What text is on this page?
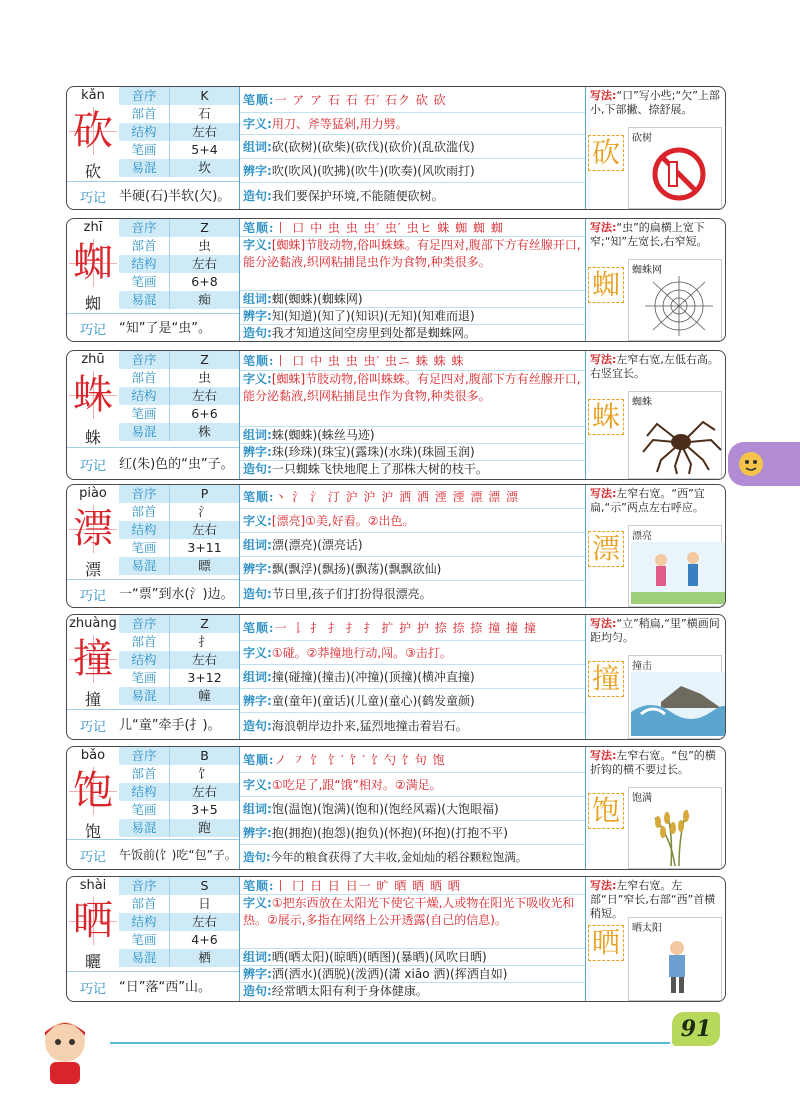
kǎn
砍
砍
音序	K
部首	石
结构	左右
笔画	5+4
易混	坎
巧记	半硬(石)半软(欠)。
笔顺:一 ア ア 石 石 石′ 石ク 砍 砍
字义:用刀、斧等猛剁,用力劈。
组词:砍(砍树)(砍柴)(砍伐)(砍价)(乱砍滥伐)
辨字:吹(吹风)(吹拂)(吹牛)(吹奏)(风吹雨打)
造句:我们要保护环境,不能随便砍树。
写法:“口”写小些;“欠”上部小,下部撇、捺舒展。
砍	砍树
zhī
蜘
蜘
音序	Z
部首	虫
结构	左右
笔画	6+8
易混	痴
巧记	“知”了是“虫”。
笔顺:丨 口 中 虫 虫 虫′ 虫′ 虫ヒ 蛛 蜘 蜘 蜘
字义:[蜘蛛]节肢动物,俗叫蛛蛛。有足四对,腹部下方有丝腺开口,能分泌黏液,织网粘捕昆虫作为食物,种类很多。
组词:蜘(蜘蛛)(蜘蛛网)
辨字:知(知道)(知了)(知识)(无知)(知难而退)
造句:我才知道这间空房里到处都是蜘蛛网。
写法:“虫”的扁横上宽下窄;“知”左宽长,右窄短。
蜘	蜘蛛网
zhū
蛛
蛛
音序	Z
部首	虫
结构	左右
笔画	6+6
易混	株
巧记	红(朱)色的“虫”子。
笔顺:丨 口 中 虫 虫 虫′ 虫ニ 蛛 蛛 蛛
字义:[蜘蛛]节肢动物,俗叫蛛蛛。有足四对,腹部下方有丝腺开口,能分泌黏液,织网粘捕昆虫作为食物,种类很多。
组词:蛛(蜘蛛)(蛛丝马迹)
辨字:珠(珍珠)(珠宝)(露珠)(水珠)(珠圆玉润)
造句:一只蜘蛛飞快地爬上了那株大树的枝干。
写法:左窄右宽,左低右高。右竖宜长。
蛛	蜘蛛
piào
漂
漂
音序	P
部首	氵
结构	左右
笔画	3+11
易混	瞟
巧记	一“票”到水(氵)边。
笔顺:丶 氵 氵 汀 沪 沪 沪 洒 洒 湮 湮 漂 漂 漂
字义:[漂亮]①美,好看。②出色。
组词:漂(漂亮)(漂亮话)
辨字:飘(飘浮)(飘扬)(飘荡)(飘飘欲仙)
造句:节日里,孩子们打扮得很漂亮。
写法:左窄右宽。“西”宜扁,“示”两点左右呼应。
漂	漂亮
zhuàng
撞
撞
音序	Z
部首	扌
结构	左右
笔画	3+12
易混	幢
巧记	儿“童”牵手(扌)。
笔顺:一 𠄌 扌 扌 扌 扌 扩 护 护 捺 捺 捺 撞 撞 撞
字义:①碰。②莽撞地行动,闯。③击打。
组词:撞(碰撞)(撞击)(冲撞)(顶撞)(横冲直撞)
辨字:童(童年)(童话)(儿童)(童心)(鹤发童颜)
造句:海浪朝岸边扑来,猛烈地撞击着岩石。
写法:“立”稍扁,“里”横画间距均匀。
撞	撞击
bǎo
饱
饱
音序	B
部首	饣
结构	左右
笔画	3+5
易混	跑
巧记	午饭前(饣)吃“包”子。
笔顺:ノ ㇇ 饣 饣′ 饣′ 饣勺 饣句 饱
字义:①吃足了,跟“饿”相对。②满足。
组词:饱(温饱)(饱满)(饱和)(饱经风霜)(大饱眼福)
辨字:抱(拥抱)(抱怨)(抱负)(怀抱)(环抱)(打抱不平)
造句:今年的粮食获得了大丰收,金灿灿的稻谷颗粒饱满。
写法:左窄右宽。“包”的横折钩的横不要过长。
饱	饱满
shài
晒
曬
音序	S
部首	日
结构	左右
笔画	4+6
易混	栖
巧记	“日”落“西”山。
笔顺:丨 冂 日 日 日一 旷 晒 晒 晒 晒
字义:①把东西放在太阳光下使它干燥,人或物在阳光下吸收光和热。②展示,多指在网络上公开透露(自己的信息)。
组词:晒(晒太阳)(晾晒)(晒图)(暴晒)(风吹日晒)
辨字:洒(洒水)(洒脱)(泼洒)(潇 xiāo 洒)(挥洒自如)
造句:经常晒太阳有利于身体健康。
写法:左窄右宽。左部“日”窄长,右部“西”首横稍短。
晒	晒太阳
91
